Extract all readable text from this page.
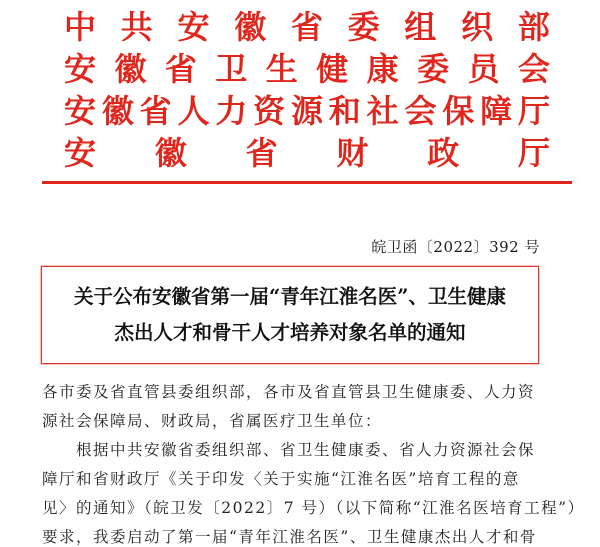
中 共 安 徽 省 委 组 织 部
安 徽 省 卫 生 健 康 委 员 会
安 徽 省 人 力 资 源 和 社 会 保 障 厅
安 徽 省 财 政 厅
皖卫函〔2022〕392 号
关于公布安徽省第一届“青年江淮名医”、卫生健康
杰出人才和骨干人才培养对象名单的通知
各市委及省直管县委组织部，各市及省直管县卫生健康委、人力资
源社会保障局、财政局，省属医疗卫生单位：
　　根据中共安徽省委组织部、省卫生健康委、省人力资源社会保
障厅和省财政厅《关于印发〈关于实施“江淮名医”培育工程的意
见〉的通知》（皖卫发〔2022〕7 号）（以下简称“江淮名医培育工程”）
要求，我委启动了第一届“青年江淮名医”、卫生健康杰出人才和骨
